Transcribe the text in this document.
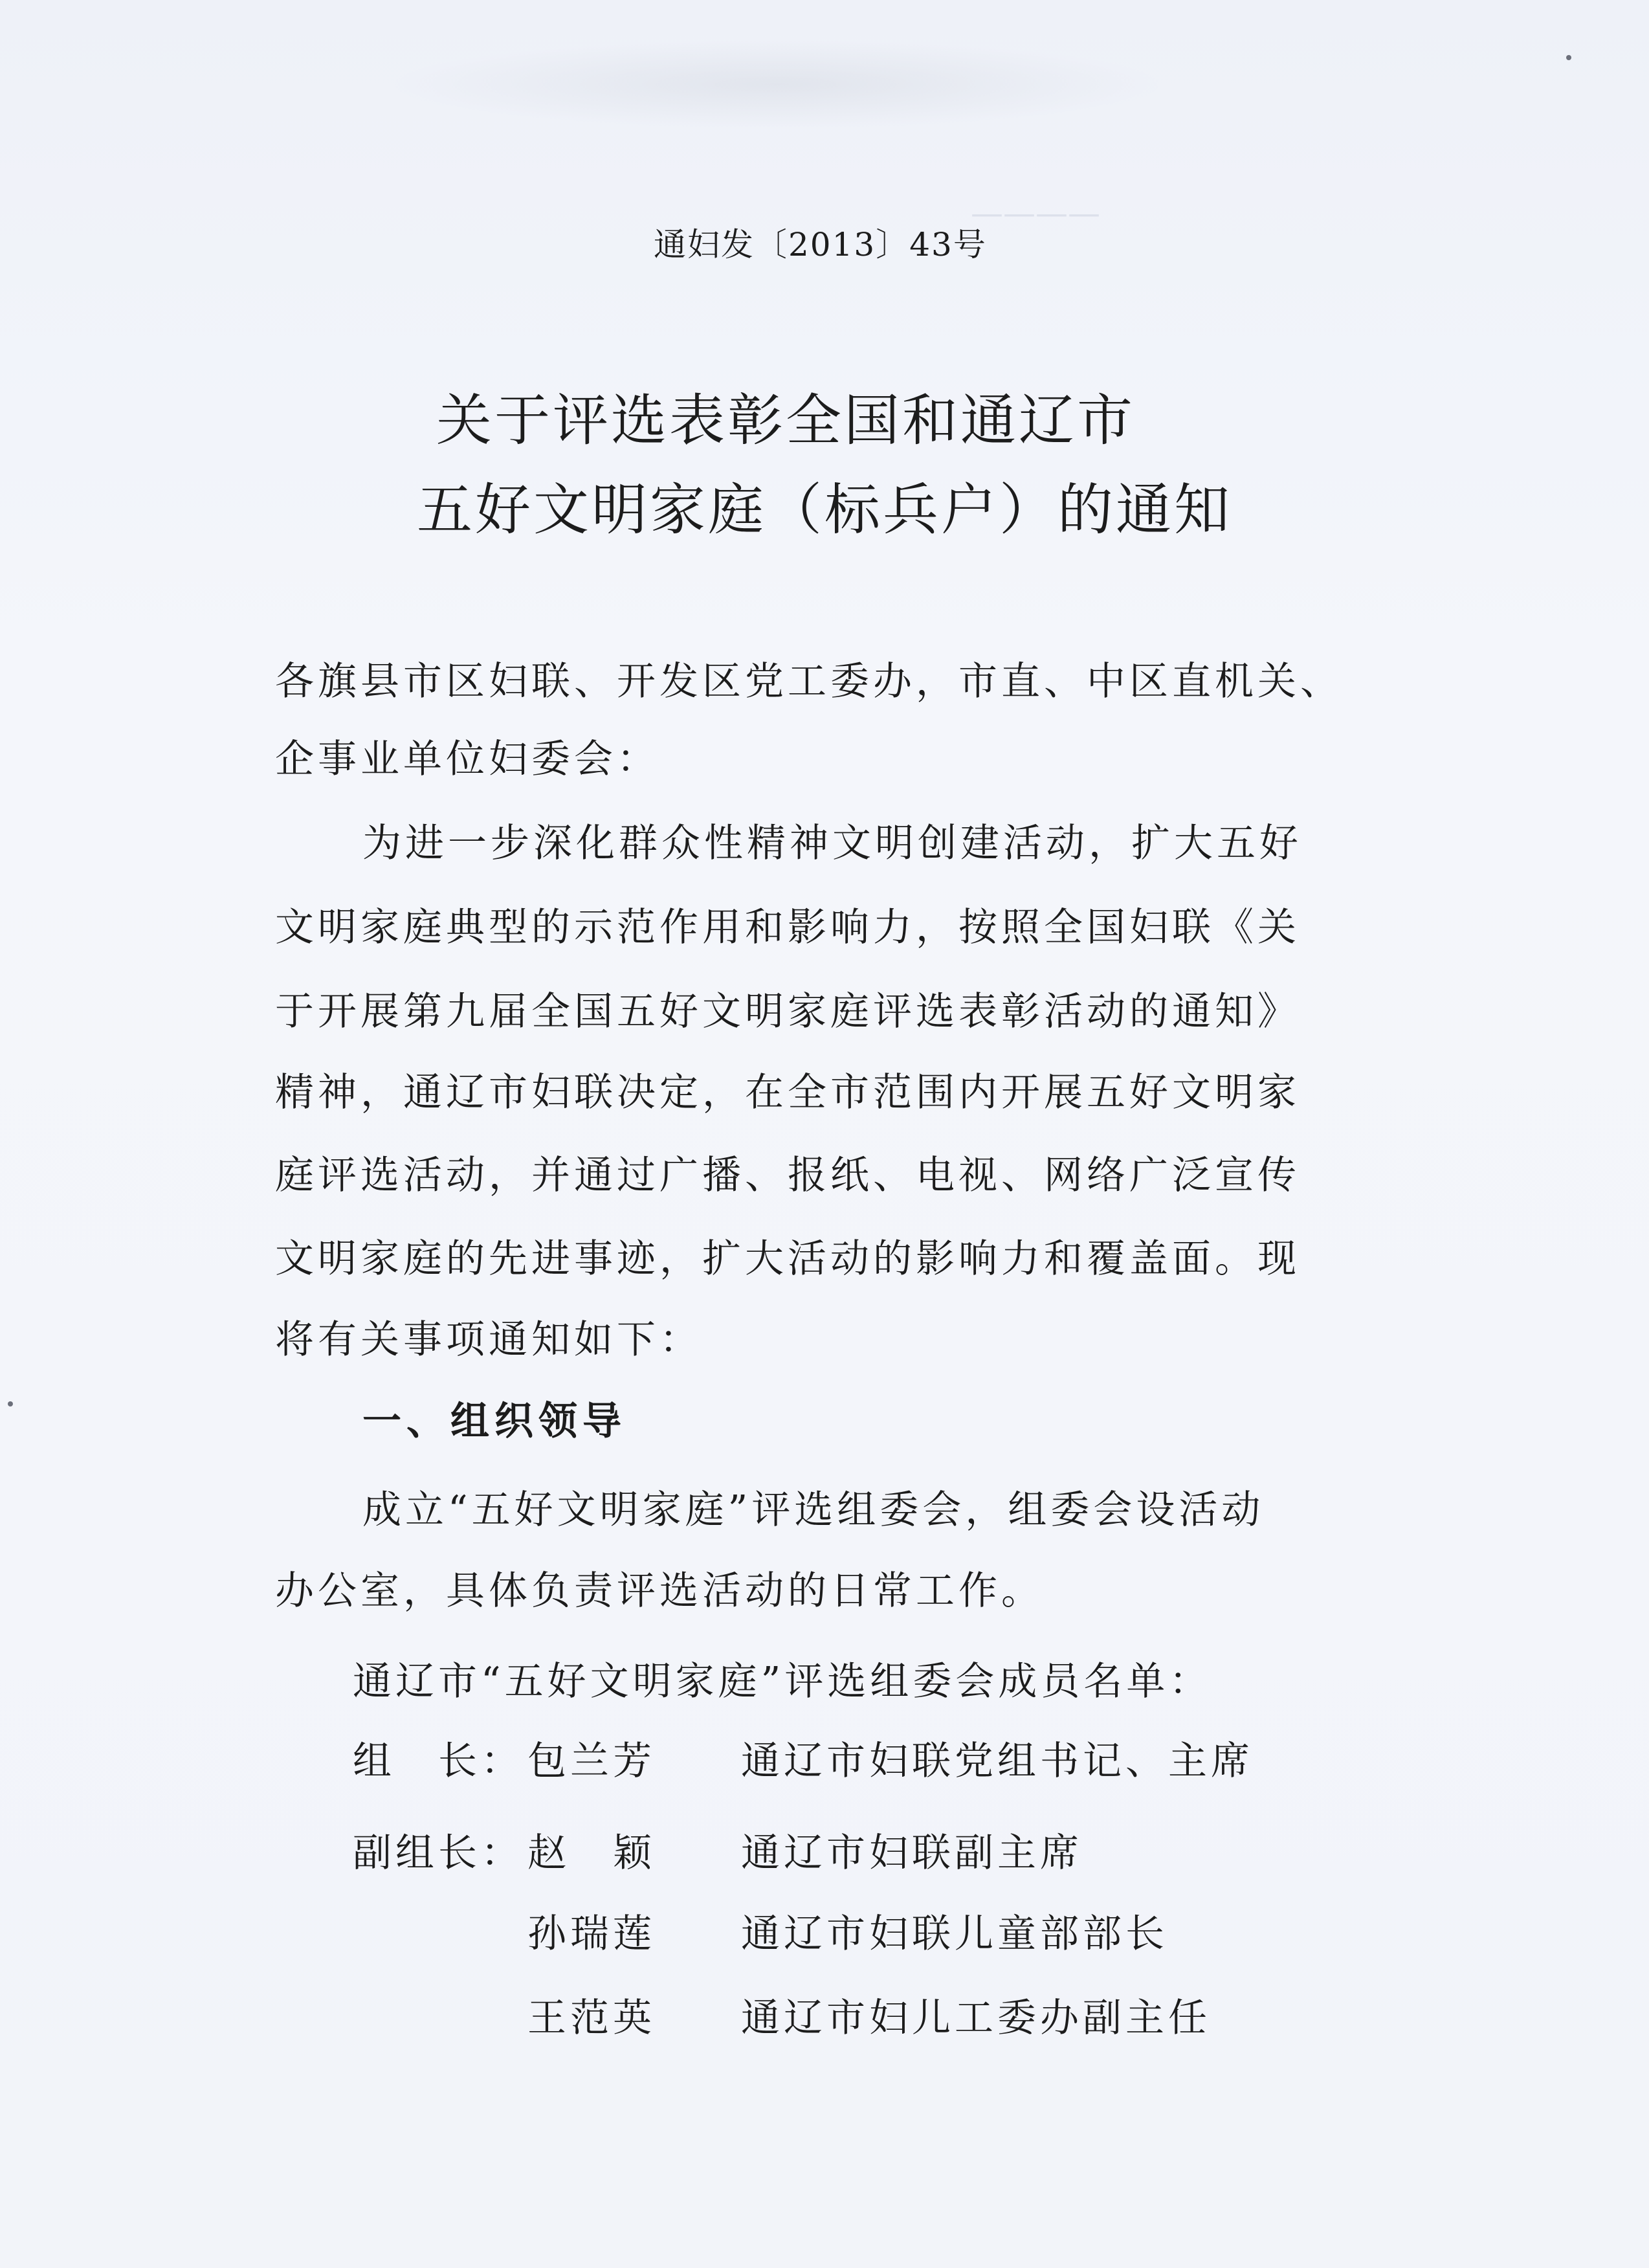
————
通妇发〔2013〕43号
关于评选表彰全国和通辽市
五好文明家庭（标兵户）的通知
各旗县市区妇联、开发区党工委办，市直、中区直机关、
企事业单位妇委会：
为进一步深化群众性精神文明创建活动，扩大五好
文明家庭典型的示范作用和影响力，按照全国妇联《关
于开展第九届全国五好文明家庭评选表彰活动的通知》
精神，通辽市妇联决定，在全市范围内开展五好文明家
庭评选活动，并通过广播、报纸、电视、网络广泛宣传
文明家庭的先进事迹，扩大活动的影响力和覆盖面。现
将有关事项通知如下：
一、组织领导
成立“五好文明家庭”评选组委会，组委会设活动
办公室，具体负责评选活动的日常工作。
通辽市“五好文明家庭”评选组委会成员名单：
组　长： 包兰芳 通辽市妇联党组书记、主席
副组长： 赵　颖 通辽市妇联副主席
孙瑞莲 通辽市妇联儿童部部长
王范英 通辽市妇儿工委办副主任
